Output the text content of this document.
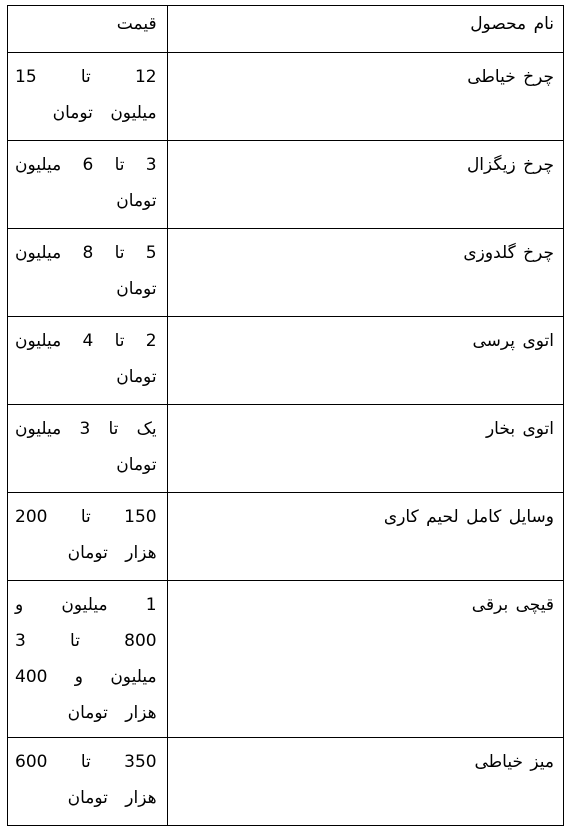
نام محصول	قیمت
چرخ خیاطی	12 تا 15 میلیون تومان
چرخ زیگزال	3 تا 6 میلیون تومان
چرخ گلدوزی	5 تا 8 میلیون تومان
اتوی پرسی	2 تا 4 میلیون تومان
اتوی بخار	یک تا 3 میلیون تومان
وسایل کامل لحیم کاری	150 تا 200 هزار تومان
قیچی برقی	1 میلیون و 800 تا 3 میلیون و 400 هزار تومان
میز خیاطی	350 تا 600 هزار تومان
